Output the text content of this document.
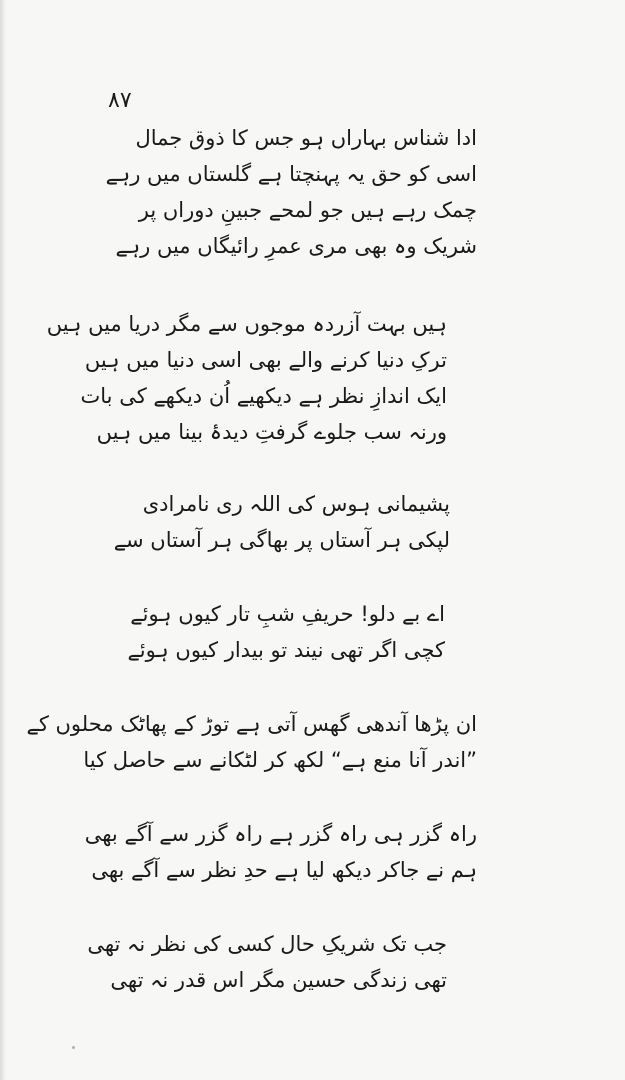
۸۷
ادا شناس بہاراں ہو جس کا ذوق جمال
اسی کو حق یہ پہنچتا ہے گلستاں میں رہے
چمک رہے ہیں جو لمحے جبینِ دوراں پر
شریک وہ بھی مری عمرِ رائیگاں میں رہے
ہیں بہت آزردہ موجوں سے مگر دریا میں ہیں
ترکِ دنیا کرنے والے بھی اسی دنیا میں ہیں
ایک اندازِ نظر ہے دیکھیے اُن دیکھے کی بات
ورنہ سب جلوے گرفتِ دیدۂ بینا میں ہیں
پشیمانی ہوس کی اللہ ری نامرادی
لپکی ہر آستاں پر بھاگی ہر آستاں سے
اے بے دلو! حریفِ شبِ تار کیوں ہوئے
کچی اگر تھی نیند تو بیدار کیوں ہوئے
ان پڑھا آندھی گھس آتی ہے توڑ کے پھاٹک محلوں کے
”اندر آنا منع ہے“ لکھ کر لٹکانے سے حاصل کیا
راہ گزر ہی راہ گزر ہے راہ گزر سے آگے بھی
ہم نے جاکر دیکھ لیا ہے حدِ نظر سے آگے بھی
جب تک شریکِ حال کسی کی نظر نہ تھی
تھی زندگی حسین مگر اس قدر نہ تھی
